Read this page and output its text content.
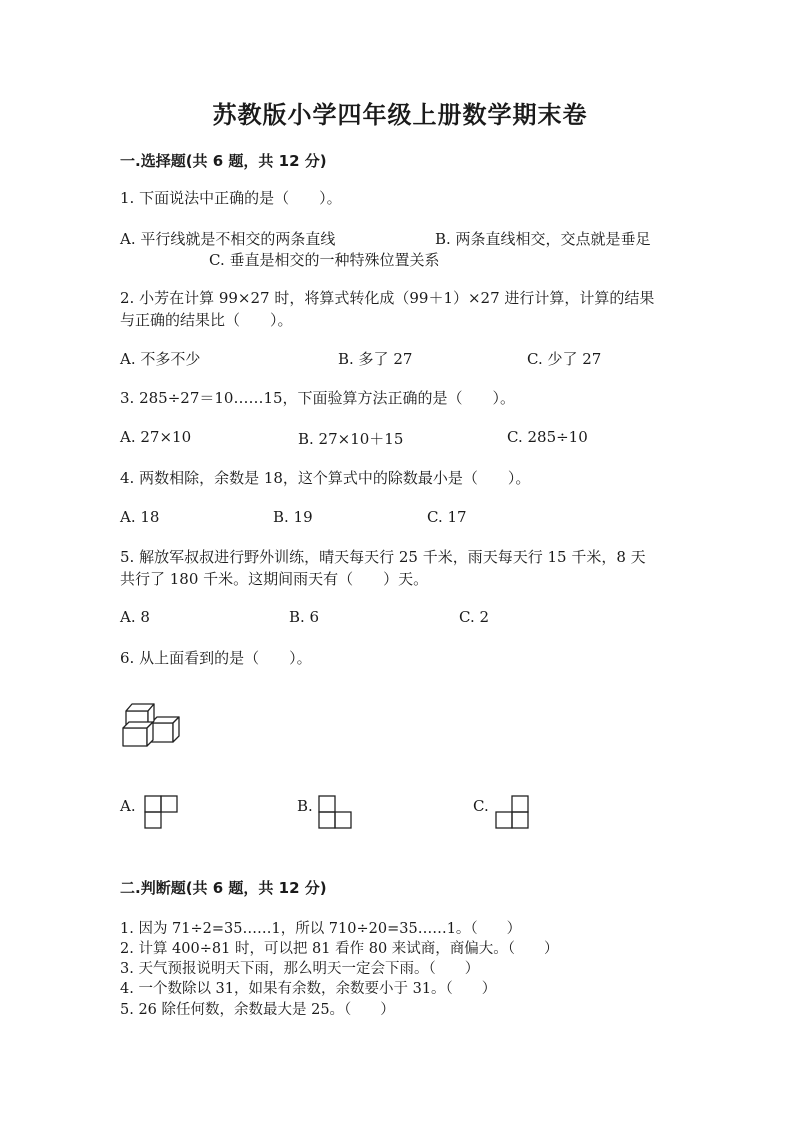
苏教版小学四年级上册数学期末卷
一.选择题(共 6 题，共 12 分)
1. 下面说法中正确的是（　　）。
A. 平行线就是不相交的两条直线	B. 两条直线相交，交点就是垂足
C. 垂直是相交的一种特殊位置关系
2. 小芳在计算 99×27 时，将算式转化成（99＋1）×27 进行计算，计算的结果
与正确的结果比（　　）。
A. 不多不少	B. 多了 27	C. 少了 27
3. 285÷27＝10……15，下面验算方法正确的是（　　）。
A. 27×10	B. 27×10＋15	C. 285÷10
4. 两数相除，余数是 18，这个算式中的除数最小是（　　）。
A. 18	B. 19	C. 17
5. 解放军叔叔进行野外训练，晴天每天行 25 千米，雨天每天行 15 千米，8 天
共行了 180 千米。这期间雨天有（　　）天。
A. 8	B. 6	C. 2
6. 从上面看到的是（　　）。
A.	B.	C.
二.判断题(共 6 题，共 12 分)
1. 因为 71÷2=35……1，所以 710÷20=35……1。（　　）
2. 计算 400÷81 时，可以把 81 看作 80 来试商，商偏大。（　　）
3. 天气预报说明天下雨，那么明天一定会下雨。（　　）
4. 一个数除以 31，如果有余数，余数要小于 31。（　　）
5. 26 除任何数，余数最大是 25。（　　）
